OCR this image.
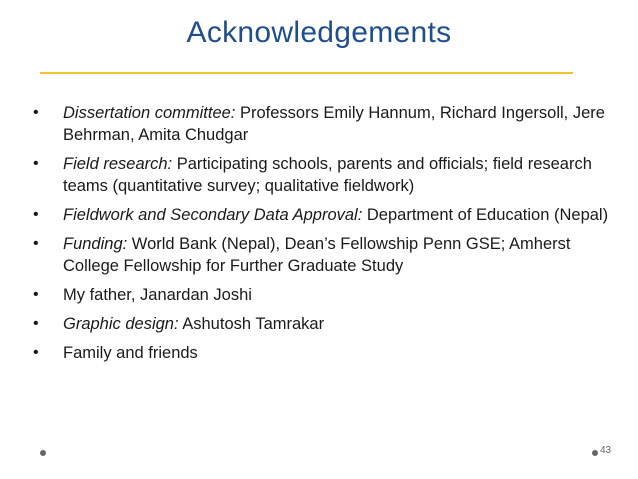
Acknowledgements
• Dissertation committee: Professors Emily Hannum, Richard Ingersoll, Jere Behrman, Amita Chudgar
• Field research: Participating schools, parents and officials; field research teams (quantitative survey; qualitative fieldwork)
• Fieldwork and Secondary Data Approval: Department of Education (Nepal)
• Funding: World Bank (Nepal), Dean’s Fellowship Penn GSE; Amherst College Fellowship for Further Graduate Study
• My father, Janardan Joshi
• Graphic design: Ashutosh Tamrakar
• Family and friends
43
